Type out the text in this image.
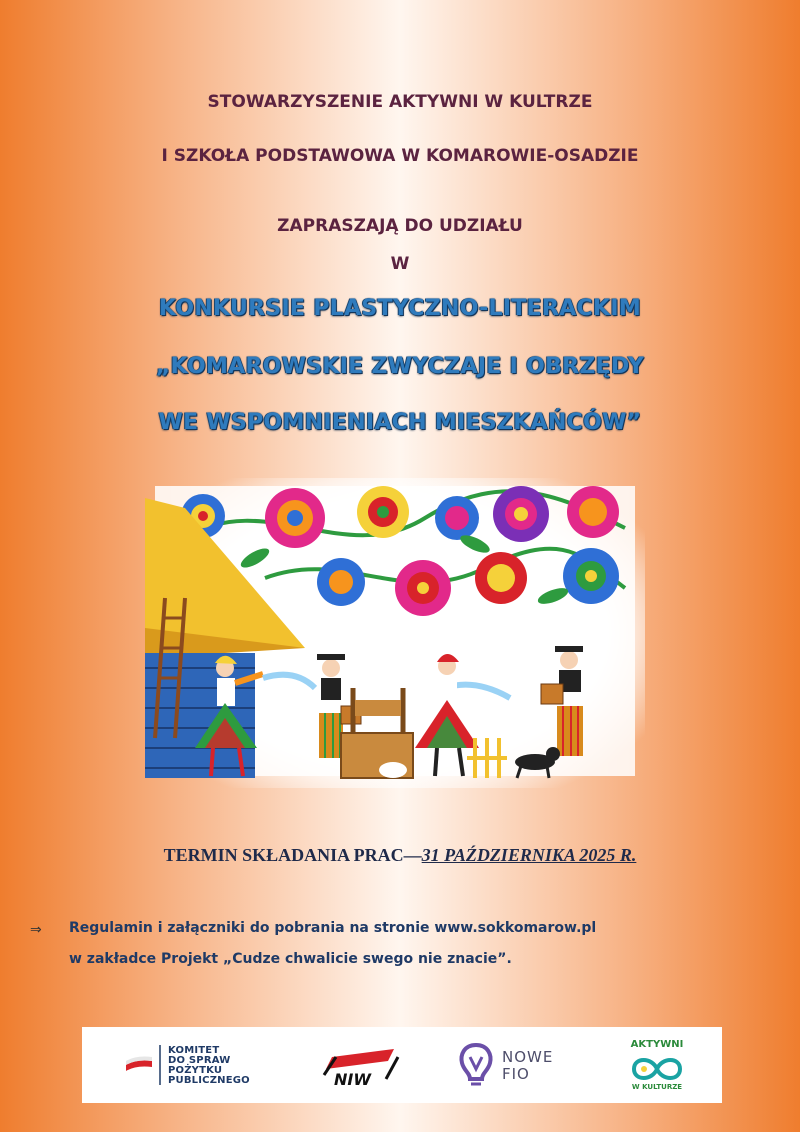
STOWARZYSZENIE AKTYWNI W KULTRZE
I SZKOŁA PODSTAWOWA W KOMAROWIE-OSADZIE
ZAPRASZAJĄ DO UDZIAŁU
W
KONKURSIE PLASTYCZNO-LITERACKIM
„KOMAROWSKIE ZWYCZAJE I OBRZĘDY
WE WSPOMNIENIACH MIESZKAŃCÓW”
TERMIN SKŁADANIA PRAC—31 PAŹDZIERNIKA 2025 R.
⇒ Regulamin i załączniki do pobrania na stronie www.sokkomarow.pl
w zakładce Projekt „Cudze chwalicie swego nie znacie”.
KOMITET
DO SPRAW
POŻYTKU
PUBLICZNEGO	NIW
NOWE
FIO
AKTYWNI
W KULTURZE
